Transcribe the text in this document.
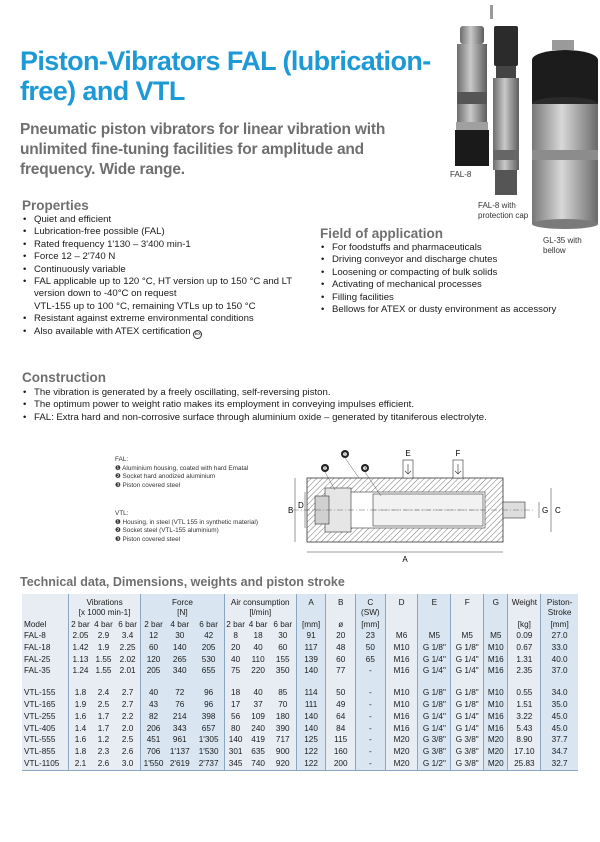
Piston-Vibrators FAL (lubrication-free) and VTL
Pneumatic piston vibrators for linear vibration with unlimited fine-tuning facilities for amplitude and frequency. Wide range.	FAL-8
FAL-8 with protection cap
GL-35 with bellow
Properties
• Quiet and efficient
• Lubrication-free possible (FAL)
• Rated frequency 1'130 – 3'400 min-1
• Force 12 – 2'740 N
• Continuously variable
• FAL applicable up to 120 °C, HT version up to 150 °C and LT version down to -40°C on request
VTL-155 up to 100 °C, remaining VTLs up to 150 °C
• Resistant against extreme environmental conditions
• Also available with ATEX certification Ex
Field of application
• For foodstuffs and pharmaceuticals
• Driving conveyor and discharge chutes
• Loosening or compacting of bulk solids
• Activating of mechanical processes
• Filling facilities
• Bellows for ATEX or dusty environment as accessory
Construction
• The vibration is generated by a freely oscillating, self-reversing piston.
• The optimum power to weight ratio makes its employment in conveying impulses efficient.
• FAL: Extra hard and non-corrosive surface through aluminium oxide – generated by titaniferous electrolyte.
FAL:
❶ Aluminium housing, coated with hard Ematal
❷ Socket hard anodized aluminium
❸ Piston covered steel
VTL:
❶ Housing, in steel (VTL 155 in synthetic material)
❷ Socket steel (VTL-155 aluminium)
❸ Piston covered steel
❷	❸
❶
A
B
D
E	F
G C
Technical data, Dimensions, weights and piston stroke
	Vibrations			Force			Air consumption			A	B	C	D	E	F	G	Weight	Piston-
	[x 1000 min-1]			[N]			[l/min]					(SW)						Stroke
Model	2 bar	4 bar	6 bar	2 bar	4 bar	6 bar	2 bar	4 bar	6 bar	[mm]	ø	[mm]					[kg]	[mm]
FAL-8	2.05	2.9	3.4	12	30	42	8	18	30	91	20	23	M6	M5	M5	M5	0.09	27.0
FAL-18	1.42	1.9	2.25	60	140	205	20	40	60	117	48	50	M10	G 1/8"	G 1/8"	M10	0.67	33.0
FAL-25	1.13	1.55	2.02	120	265	530	40	110	155	139	60	65	M16	G 1/4"	G 1/4"	M16	1.31	40.0
FAL-35	1.24	1.55	2.01	205	340	655	75	220	350	140	77	-	M16	G 1/4"	G 1/4"	M16	2.35	37.0

VTL-155	1.8	2.4	2.7	40	72	96	18	40	85	114	50	-	M10	G 1/8"	G 1/8"	M10	0.55	34.0
VTL-165	1.9	2.5	2.7	43	76	96	17	37	70	111	49	-	M10	G 1/8"	G 1/8"	M10	1.51	35.0
VTL-255	1.6	1.7	2.2	82	214	398	56	109	180	140	64	-	M16	G 1/4"	G 1/4"	M16	3.22	45.0
VTL-405	1.4	1.7	2.0	206	343	657	80	240	390	140	84	-	M16	G 1/4"	G 1/4"	M16	5.43	45.0
VTL-555	1.6	1.2	2.5	451	961	1'305	140	419	717	125	115	-	M20	G 3/8"	G 3/8"	M20	8.90	37.7
VTL-855	1.8	2.3	2.6	706	1'137	1'530	301	635	900	122	160	-	M20	G 3/8"	G 3/8"	M20	17.10	34.7
VTL-1105	2.1	2.6	3.0	1'550	2'619	2'737	345	740	920	122	200	-	M20	G 1/2"	G 3/8"	M20	25.83	32.7
